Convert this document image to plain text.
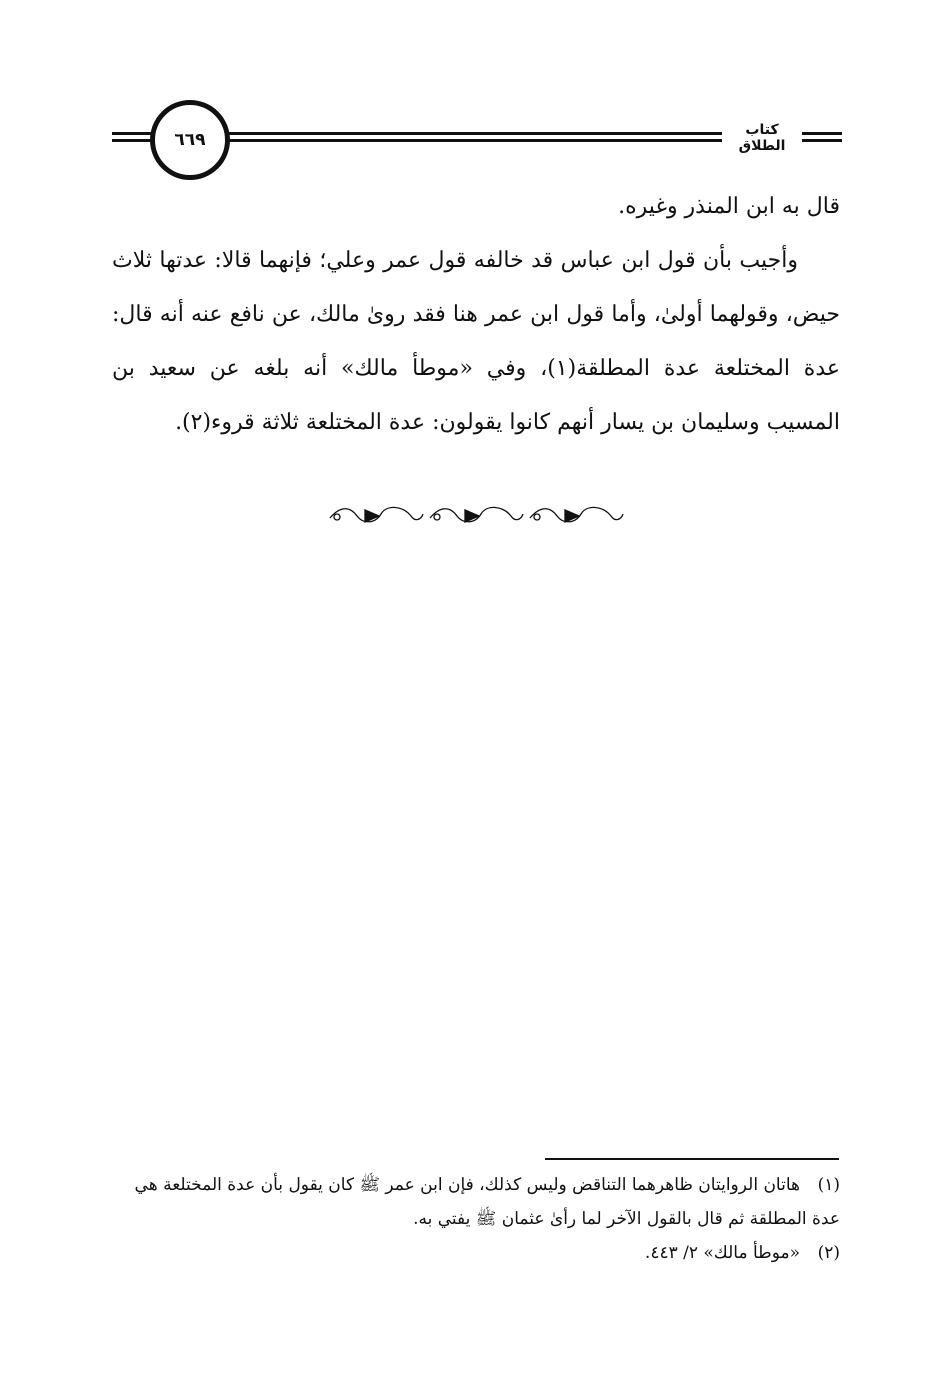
٦٦٩	كتاب الطلاق

قال به ابن المنذر وغيره.

وأجيب بأن قول ابن عباس قد خالفه قول عمر وعلي؛ فإنهما قالا: عدتها ثلاث حيض، وقولهما أولىٰ، وأما قول ابن عمر هنا فقد روىٰ مالك، عن نافع عنه أنه قال: عدة المختلعة عدة المطلقة(١)، وفي «موطأ مالك» أنه بلغه عن سعيد بن المسيب وسليمان بن يسار أنهم كانوا يقولون: عدة المختلعة ثلاثة قروء(٢).

(١)هاتان الروايتان ظاهرهما التناقض وليس كذلك، فإن ابن عمر ﷺ كان يقول بأن عدة المختلعة هي عدة المطلقة ثم قال بالقول الآخر لما رأىٰ عثمان ﷺ يفتي به.

(٢)«موطأ مالك» ٢/ ٤٤٣.
